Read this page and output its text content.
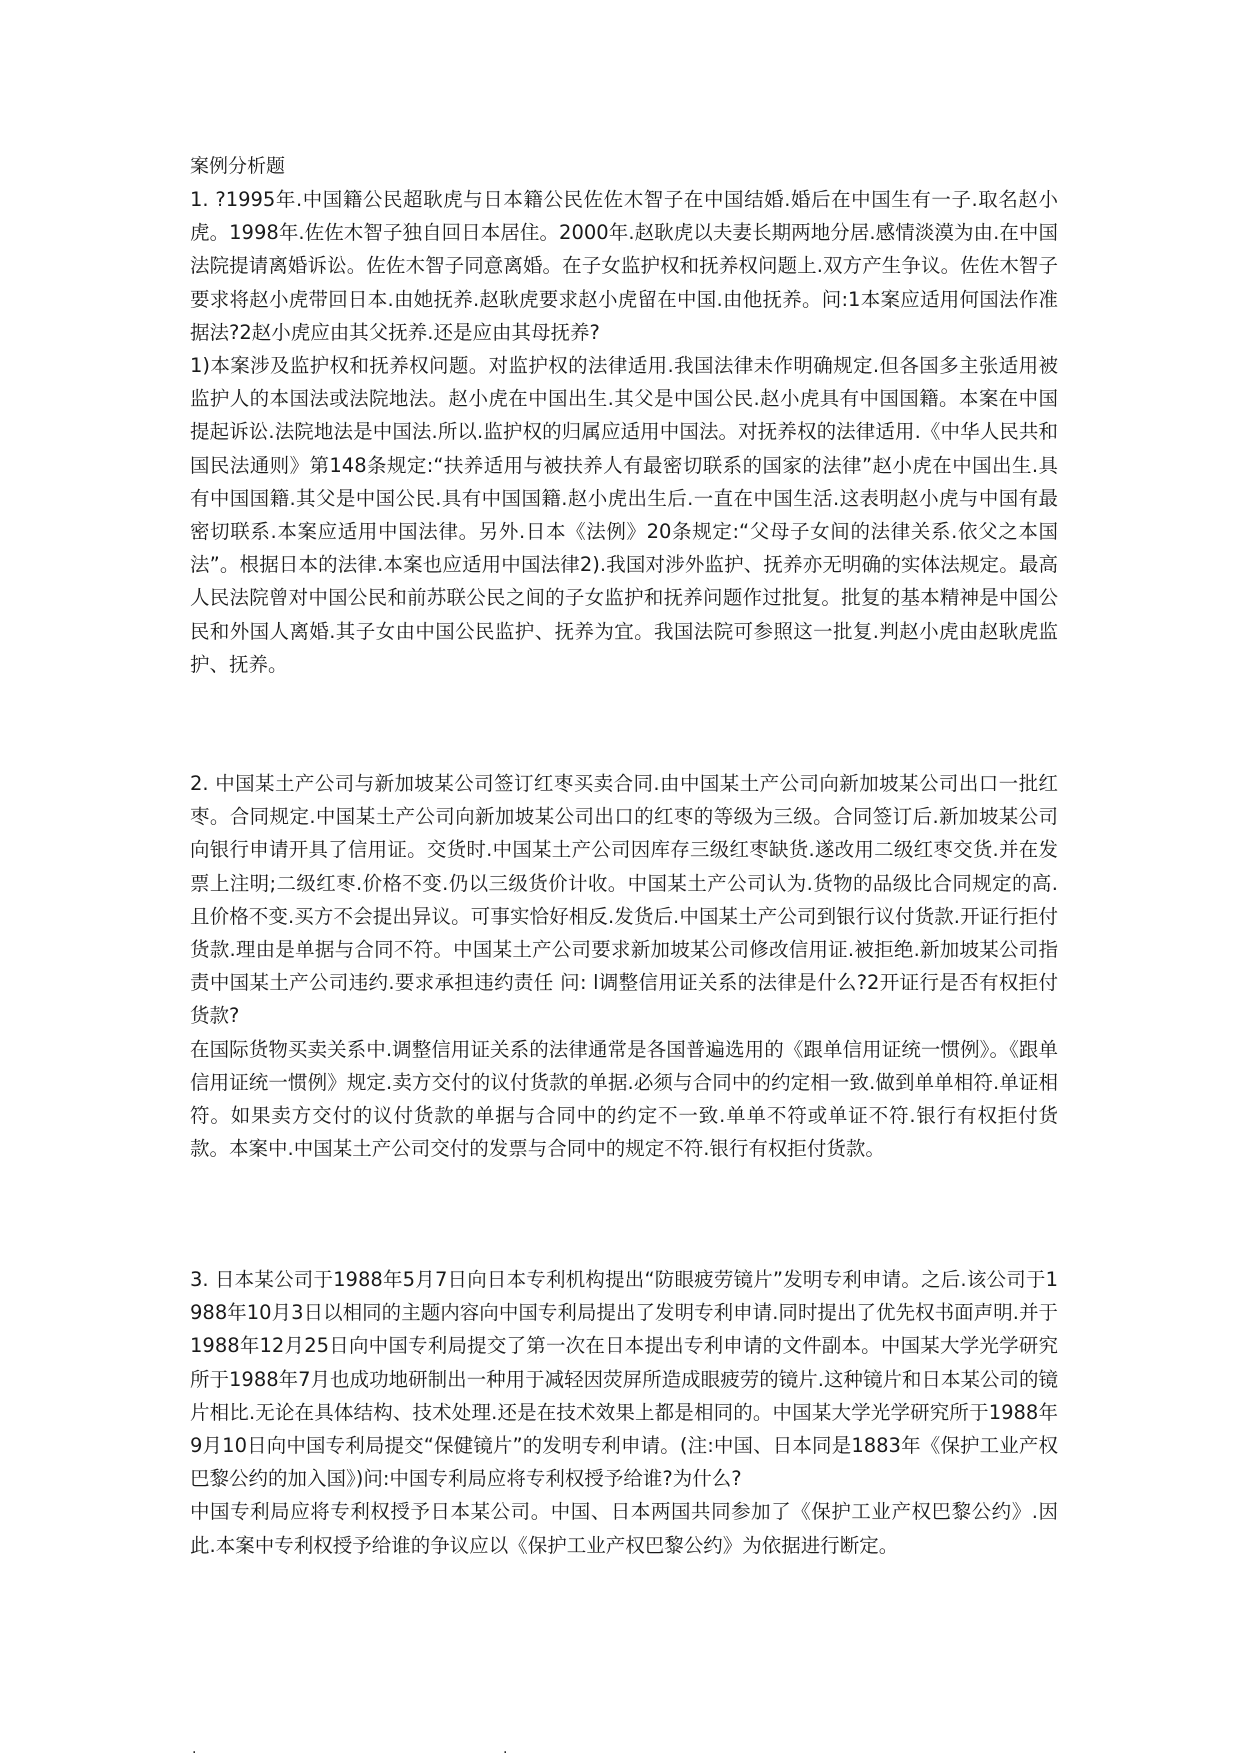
案例分析题

1. ?1995年.中国籍公民超耿虎与日本籍公民佐佐木智子在中国结婚.婚后在中国生有一子.取名赵小虎。1998年.佐佐木智子独自回日本居住。2000年.赵耿虎以夫妻长期两地分居.感情淡漠为由.在中国法院提请离婚诉讼。佐佐木智子同意离婚。在子女监护权和抚养权问题上.双方产生争议。佐佐木智子要求将赵小虎带回日本.由她抚养.赵耿虎要求赵小虎留在中国.由他抚养。问:1本案应适用何国法作准据法?2赵小虎应由其父抚养.还是应由其母抚养?

1)本案涉及监护权和抚养权问题。对监护权的法律适用.我国法律未作明确规定.但各国多主张适用被监护人的本国法或法院地法。赵小虎在中国出生.其父是中国公民.赵小虎具有中国国籍。本案在中国提起诉讼.法院地法是中国法.所以.监护权的归属应适用中国法。对抚养权的法律适用.《中华人民共和国民法通则》第148条规定:“扶养适用与被扶养人有最密切联系的国家的法律”赵小虎在中国出生.具有中国国籍.其父是中国公民.具有中国国籍.赵小虎出生后.一直在中国生活.这表明赵小虎与中国有最密切联系.本案应适用中国法律。另外.日本《法例》20条规定:“父母子女间的法律关系.依父之本国法”。根据日本的法律.本案也应适用中国法律2).我国对涉外监护、抚养亦无明确的实体法规定。最高人民法院曾对中国公民和前苏联公民之间的子女监护和抚养问题作过批复。批复的基本精神是中国公民和外国人离婚.其子女由中国公民监护、抚养为宜。我国法院可参照这一批复.判赵小虎由赵耿虎监护、抚养。

2. 中国某土产公司与新加坡某公司签订红枣买卖合同.由中国某土产公司向新加坡某公司出口一批红枣。合同规定.中国某土产公司向新加坡某公司出口的红枣的等级为三级。合同签订后.新加坡某公司向银行申请开具了信用证。交货时.中国某土产公司因库存三级红枣缺货.遂改用二级红枣交货.并在发票上注明;二级红枣.价格不变.仍以三级货价计收。中国某土产公司认为.货物的品级比合同规定的高.且价格不变.买方不会提出异议。可事实恰好相反.发货后.中国某土产公司到银行议付货款.开证行拒付货款.理由是单据与合同不符。中国某土产公司要求新加坡某公司修改信用证.被拒绝.新加坡某公司指责中国某土产公司违约.要求承担违约责任 问: l调整信用证关系的法律是什么?2开证行是否有权拒付货款?

在国际货物买卖关系中.调整信用证关系的法律通常是各国普遍选用的《跟单信用证统一惯例》。《跟单信用证统一惯例》规定.卖方交付的议付货款的单据.必须与合同中的约定相一致.做到单单相符.单证相符。如果卖方交付的议付货款的单据与合同中的约定不一致.单单不符或单证不符.银行有权拒付货款。本案中.中国某土产公司交付的发票与合同中的规定不符.银行有权拒付货款。

3. 日本某公司于1988年5月7日向日本专利机构提出“防眼疲劳镜片”发明专利申请。之后.该公司于1988年10月3日以相同的主题内容向中国专利局提出了发明专利申请.同时提出了优先权书面声明.并于1988年12月25日向中国专利局提交了第一次在日本提出专利申请的文件副本。中国某大学光学研究所于1988年7月也成功地研制出一种用于减轻因荧屏所造成眼疲劳的镜片.这种镜片和日本某公司的镜片相比.无论在具体结构、技术处理.还是在技术效果上都是相同的。中国某大学光学研究所于1988年9月10日向中国专利局提交“保健镜片”的发明专利申请。(注:中国、日本同是1883年《保护工业产权巴黎公约的加入国》)问:中国专利局应将专利权授予给谁?为什么?

中国专利局应将专利权授予日本某公司。中国、日本两国共同参加了《保护工业产权巴黎公约》.因此.本案中专利权授予给谁的争议应以《保护工业产权巴黎公约》为依据进行断定。

.	.
